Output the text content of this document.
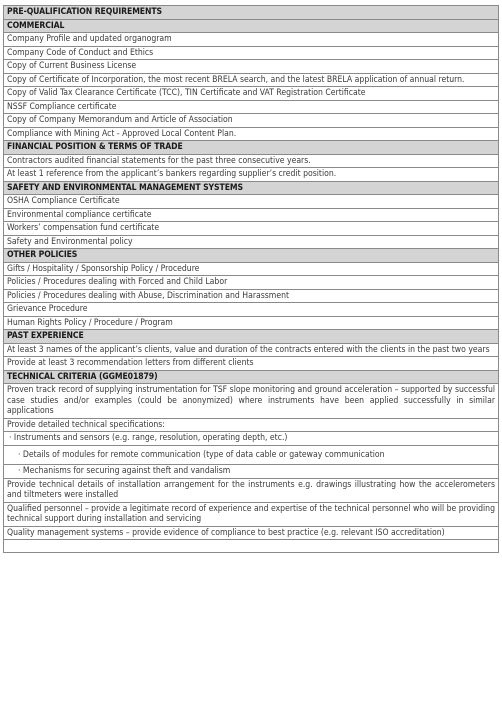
PRE-QUALIFICATION REQUIREMENTS
COMMERCIAL
Company Profile and updated organogram
Company Code of Conduct and Ethics
Copy of Current Business License
Copy of Certificate of Incorporation, the most recent BRELA search, and the latest BRELA application of annual return.
Copy of Valid Tax Clearance Certificate (TCC), TIN Certificate and VAT Registration Certificate
NSSF Compliance certificate
Copy of Company Memorandum and Article of Association
Compliance with Mining Act - Approved Local Content Plan.
FINANCIAL POSITION & TERMS OF TRADE
Contractors audited financial statements for the past three consecutive years.
At least 1 reference from the applicant’s bankers regarding supplier’s credit position.
SAFETY AND ENVIRONMENTAL MANAGEMENT SYSTEMS
OSHA Compliance Certificate
Environmental compliance certificate
Workers’ compensation fund certificate
Safety and Environmental policy
OTHER POLICIES
Gifts / Hospitality / Sponsorship Policy / Procedure
Policies / Procedures dealing with Forced and Child Labor
Policies / Procedures dealing with Abuse, Discrimination and Harassment
Grievance Procedure
Human Rights Policy / Procedure / Program
PAST EXPERIENCE
At least 3 names of the applicant’s clients, value and duration of the contracts entered with the clients in the past two years
Provide at least 3 recommendation letters from different clients
TECHNICAL CRITERIA (GGME01879)
Proven track record of supplying instrumentation for TSF slope monitoring and ground acceleration – supported by successful case studies and/or examples (could be anonymized) where instruments have been applied successfully in similar applications
Provide detailed technical specifications:
· Instruments and sensors (e.g. range, resolution, operating depth, etc.)
· Details of modules for remote communication (type of data cable or gateway communication
· Mechanisms for securing against theft and vandalism
Provide technical details of installation arrangement for the instruments e.g. drawings illustrating how the accelerometers and tiltmeters were installed
Qualified personnel – provide a legitimate record of experience and expertise of the technical personnel who will be providing technical support during installation and servicing
Quality management systems – provide evidence of compliance to best practice (e.g. relevant ISO accreditation)
